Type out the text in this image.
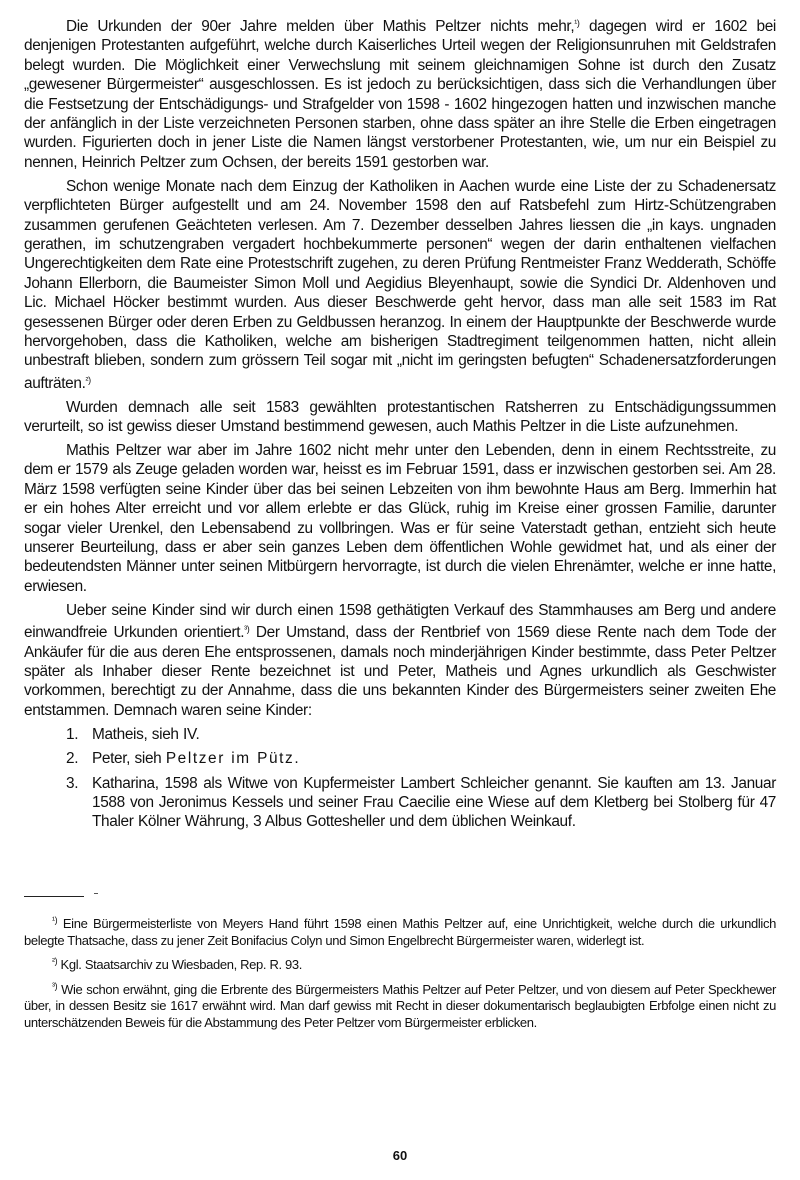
Die Urkunden der 90er Jahre melden über Mathis Peltzer nichts mehr,$^{^1)}$ dagegen wird er 1602 bei denjenigen Protestanten aufgeführt, welche durch Kaiserliches Urteil wegen der Religionsunruhen mit Geldstrafen belegt wurden. Die Möglichkeit einer Verwechslung mit seinem gleichnamigen Sohne ist durch den Zusatz „gewesener Bürgermeister“ ausgeschlossen. Es ist jedoch zu berücksichtigen, dass sich die Verhandlungen über die Festsetzung der Entschädigungs- und Strafgelder von 1598 - 1602 hingezogen hatten und inzwischen manche der anfänglich in der Liste verzeichneten Personen starben, ohne dass später an ihre Stelle die Erben eingetragen wurden. Figurierten doch in jener Liste die Namen längst verstorbener Protestanten, wie, um nur ein Beispiel zu nennen, Heinrich Peltzer zum Ochsen, der bereits 1591 gestorben war.

Schon wenige Monate nach dem Einzug der Katholiken in Aachen wurde eine Liste der zu Schadenersatz verpflichteten Bürger aufgestellt und am 24. November 1598 den auf Ratsbefehl zum Hirtz-Schützengraben zusammen gerufenen Geächteten verlesen. Am 7. Dezember desselben Jahres liessen die „in kays. ungnaden gerathen, im schutzengraben vergadert hochbekummerte personen“ wegen der darin enthaltenen vielfachen Ungerechtigkeiten dem Rate eine Protestschrift zugehen, zu deren Prüfung Rentmeister Franz Wedderath, Schöffe Johann Ellerborn, die Baumeister Simon Moll und Aegidius Bleyenhaupt, sowie die Syndici Dr. Aldenhoven und Lic. Michael Höcker bestimmt wurden. Aus dieser Beschwerde geht hervor, dass man alle seit 1583 im Rat gesessenen Bürger oder deren Erben zu Geldbussen heranzog. In einem der Hauptpunkte der Beschwerde wurde hervorgehoben, dass die Katholiken, welche am bisherigen Stadtregiment teilgenommen hatten, nicht allein unbestraft blieben, sondern zum grössern Teil sogar mit „nicht im geringsten befugten“ Schadenersatzforderungen aufträten.$^{^2)}$

Wurden demnach alle seit 1583 gewählten protestantischen Ratsherren zu Entschädigungssummen verurteilt, so ist gewiss dieser Umstand bestimmend gewesen, auch Mathis Peltzer in die Liste aufzunehmen.

Mathis Peltzer war aber im Jahre 1602 nicht mehr unter den Lebenden, denn in einem Rechtsstreite, zu dem er 1579 als Zeuge geladen worden war, heisst es im Februar 1591, dass er inzwischen gestorben sei. Am 28. März 1598 verfügten seine Kinder über das bei seinen Lebzeiten von ihm bewohnte Haus am Berg. Immerhin hat er ein hohes Alter erreicht und vor allem erlebte er das Glück, ruhig im Kreise einer grossen Familie, darunter sogar vieler Urenkel, den Lebensabend zu vollbringen. Was er für seine Vaterstadt gethan, entzieht sich heute unserer Beurteilung, dass er aber sein ganzes Leben dem öffentlichen Wohle gewidmet hat, und als einer der bedeutendsten Männer unter seinen Mitbürgern hervorragte, ist durch die vielen Ehrenämter, welche er inne hatte, erwiesen.

Ueber seine Kinder sind wir durch einen 1598 gethätigten Verkauf des Stammhauses am Berg und andere einwandfreie Urkunden orientiert.$^{^3)}$ Der Umstand, dass der Rentbrief von 1569 diese Rente nach dem Tode der Ankäufer für die aus deren Ehe entsprossenen, damals noch minderjährigen Kinder bestimmte, dass Peter Peltzer später als Inhaber dieser Rente bezeichnet ist und Peter, Matheis und Agnes urkundlich als Geschwister vorkommen, berechtigt zu der Annahme, dass die uns bekannten Kinder des Bürgermeisters seiner zweiten Ehe entstammen. Demnach waren seine Kinder:

1. Matheis, sieh IV.
2. Peter, sieh Peltzer im Pütz.
3. Katharina, 1598 als Witwe von Kupfermeister Lambert Schleicher genannt. Sie kauften am 13. Januar 1588 von Jeronimus Kessels und seiner Frau Caecilie eine Wiese auf dem Kletberg bei Stolberg für 47 Thaler Kölner Währung, 3 Albus Gottesheller und dem üblichen Weinkauf.

$^{^1)}$ Eine Bürgermeisterliste von Meyers Hand führt 1598 einen Mathis Peltzer auf, eine Unrichtigkeit, welche durch die urkundlich belegte Thatsache, dass zu jener Zeit Bonifacius Colyn und Simon Engelbrecht Bürgermeister waren, widerlegt ist.

$^{^2)}$ Kgl. Staatsarchiv zu Wiesbaden, Rep. R. 93.

$^{^3)}$ Wie schon erwähnt, ging die Erbrente des Bürgermeisters Mathis Peltzer auf Peter Peltzer, und von diesem auf Peter Speckhewer über, in dessen Besitz sie 1617 erwähnt wird. Man darf gewiss mit Recht in dieser dokumentarisch beglaubigten Erbfolge einen nicht zu unterschätzenden Beweis für die Abstammung des Peter Peltzer vom Bürgermeister erblicken.

60
